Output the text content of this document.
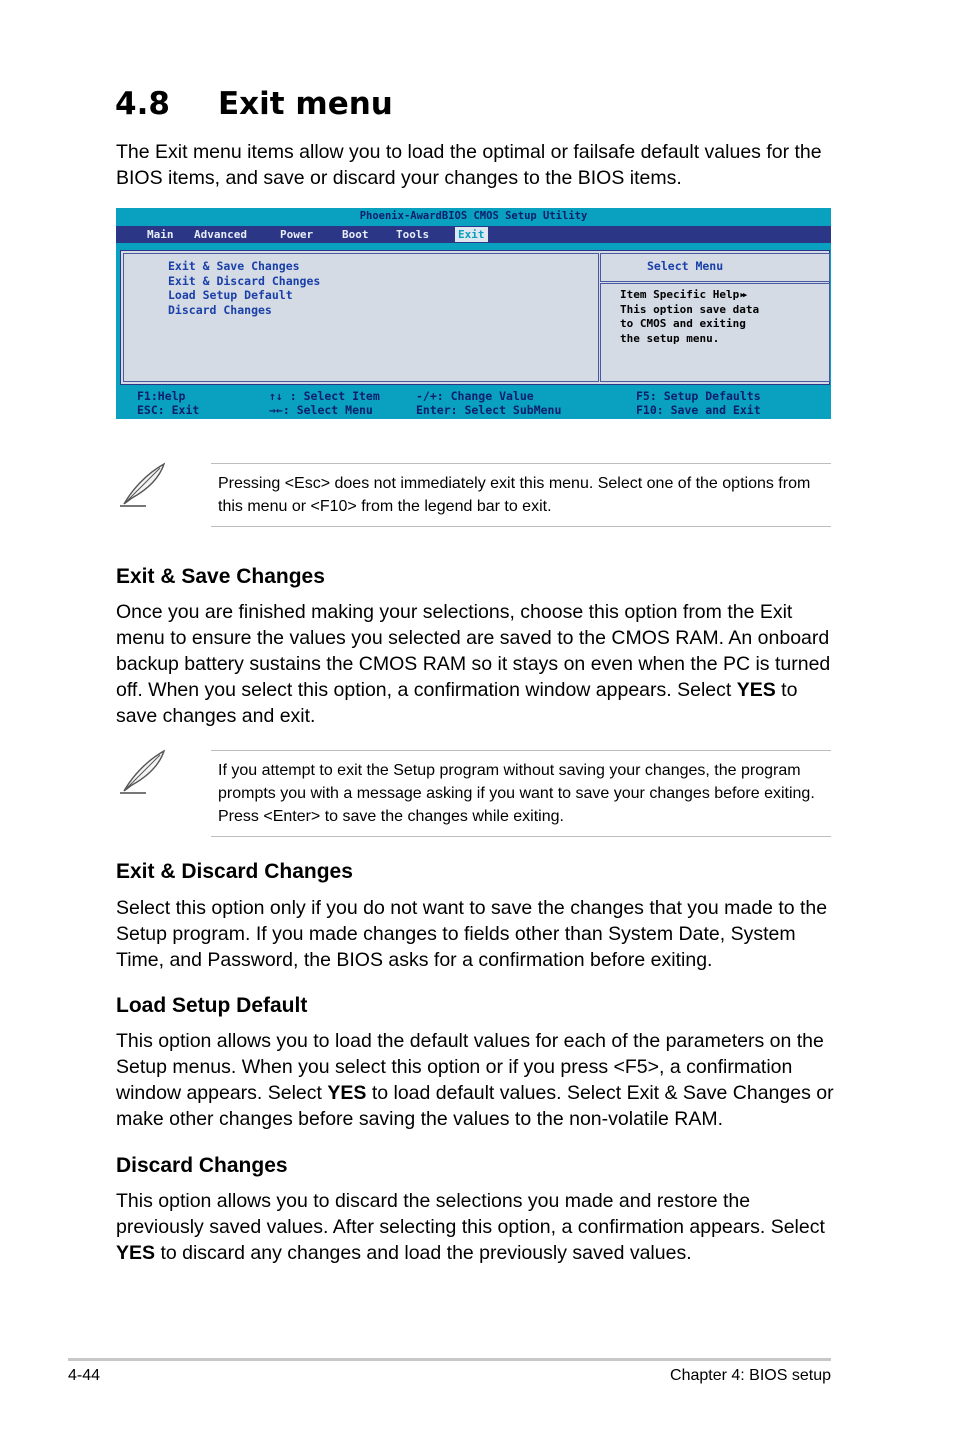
4.8 Exit menu
The Exit menu items allow you to load the optimal or failsafe default values for the BIOS items, and save or discard your changes to the BIOS items.
Phoenix-AwardBIOS CMOS Setup Utility
Main Advanced	Power	Boot	Tools	Exit
Exit & Save Changes
Exit & Discard Changes
Load Setup Default
Discard Changes
Select Menu
Item Specific Help▸▸
This option save data
to CMOS and exiting
the setup menu.
F1:Help
ESC: Exit
↑↓ : Select Item
→←: Select Menu
-/+: Change Value
Enter: Select SubMenu
F5: Setup Defaults
F10: Save and Exit
Pressing <Esc> does not immediately exit this menu. Select one of the options from this menu or <F10> from the legend bar to exit.
Exit & Save Changes
Once you are finished making your selections, choose this option from the Exit menu to ensure the values you selected are saved to the CMOS RAM. An onboard backup battery sustains the CMOS RAM so it stays on even when the PC is turned off. When you select this option, a confirmation window appears. Select YES to save changes and exit.
If you attempt to exit the Setup program without saving your changes, the program prompts you with a message asking if you want to save your changes before exiting. Press <Enter> to save the changes while exiting.
Exit & Discard Changes
Select this option only if you do not want to save the changes that you made to the Setup program. If you made changes to fields other than System Date, System Time, and Password, the BIOS asks for a confirmation before exiting.
Load Setup Default
This option allows you to load the default values for each of the parameters on the Setup menus. When you select this option or if you press <F5>, a confirmation window appears. Select YES to load default values. Select Exit & Save Changes or make other changes before saving the values to the non-volatile RAM.
Discard Changes
This option allows you to discard the selections you made and restore the previously saved values. After selecting this option, a confirmation appears. Select YES to discard any changes and load the previously saved values.
4-44	Chapter 4: BIOS setup
